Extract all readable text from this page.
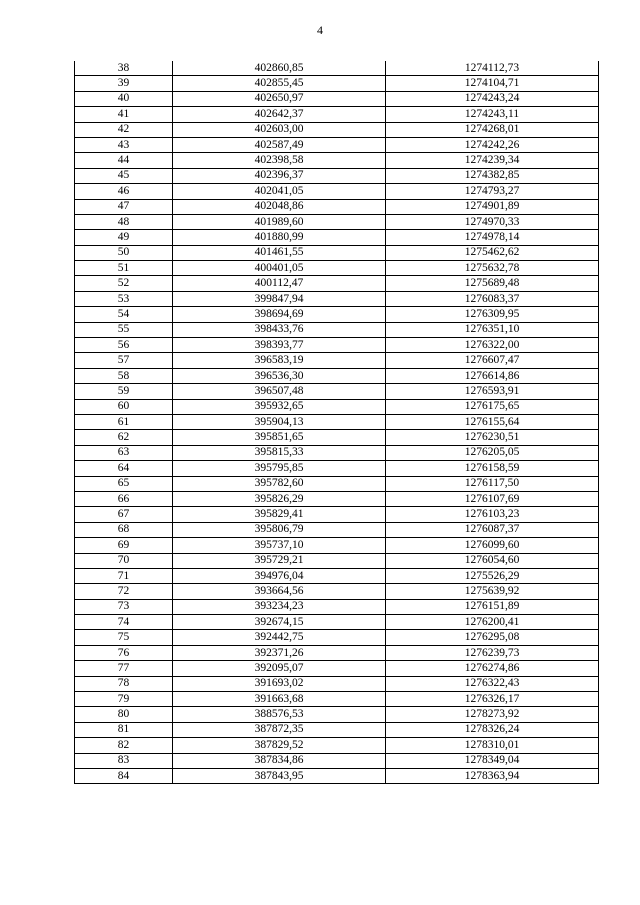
4
38	402860,85	1274112,73
39	402855,45	1274104,71
40	402650,97	1274243,24
41	402642,37	1274243,11
42	402603,00	1274268,01
43	402587,49	1274242,26
44	402398,58	1274239,34
45	402396,37	1274382,85
46	402041,05	1274793,27
47	402048,86	1274901,89
48	401989,60	1274970,33
49	401880,99	1274978,14
50	401461,55	1275462,62
51	400401,05	1275632,78
52	400112,47	1275689,48
53	399847,94	1276083,37
54	398694,69	1276309,95
55	398433,76	1276351,10
56	398393,77	1276322,00
57	396583,19	1276607,47
58	396536,30	1276614,86
59	396507,48	1276593,91
60	395932,65	1276175,65
61	395904,13	1276155,64
62	395851,65	1276230,51
63	395815,33	1276205,05
64	395795,85	1276158,59
65	395782,60	1276117,50
66	395826,29	1276107,69
67	395829,41	1276103,23
68	395806,79	1276087,37
69	395737,10	1276099,60
70	395729,21	1276054,60
71	394976,04	1275526,29
72	393664,56	1275639,92
73	393234,23	1276151,89
74	392674,15	1276200,41
75	392442,75	1276295,08
76	392371,26	1276239,73
77	392095,07	1276274,86
78	391693,02	1276322,43
79	391663,68	1276326,17
80	388576,53	1278273,92
81	387872,35	1278326,24
82	387829,52	1278310,01
83	387834,86	1278349,04
84	387843,95	1278363,94
